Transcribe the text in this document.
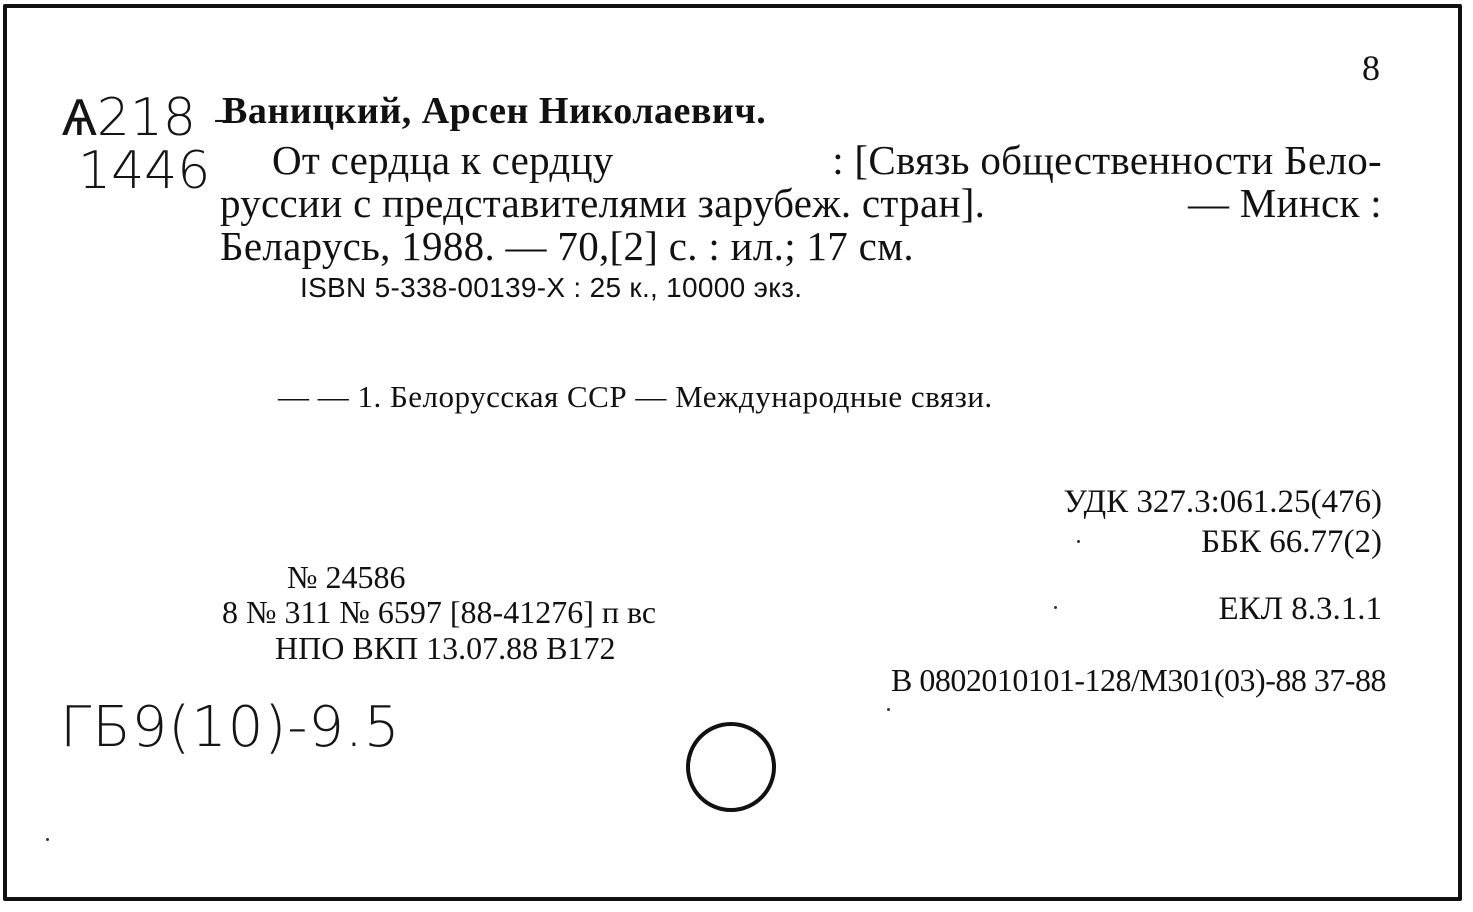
8
Ѧ218 -
1446
Ваницкий, Арсен Николаевич.
От сердца к сердцу	: [Связь общественности Бело-
руссии с представителями зарубеж. стран].	— Минск :
Беларусь, 1988. — 70,[2] с. : ил.; 17 см.
ISBN 5-338-00139-X : 25 к., 10000 экз.
— — 1. Белорусская ССР — Международные связи.
УДК 327.3:061.25(476)
ББК 66.77(2)
№ 24586
8 № 311 № 6597 [88-41276] п вс
НПО ВКП 13.07.88 В172
ЕКЛ 8.3.1.1
В 0802010101-128/М301(03)-88 37-88
ГБ9(10)-9.5
